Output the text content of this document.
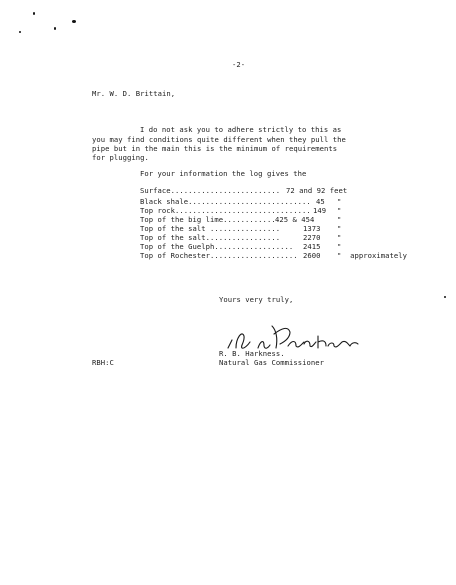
-2-
Mr. W. D. Brittain,
I do not ask you to adhere strictly to this as
you may find conditions quite different when they pull the
pipe but in the main this is the minimum of requirements
for plugging.
For your information the log gives the
Surface......................... 72 and 92 feet
Black shale............................ 45 "
Top rock............................... 149 "
Top of the big lime............ 425 & 454	"
Top of the salt ................	1373 "
Top of the salt.................	2270 "
Top of the Guelph.................. 2415 "
Top of Rochester.................... 2600 "  approximately
Yours very truly,
R. B. Harkness.
RBH:C	Natural Gas Commissioner
